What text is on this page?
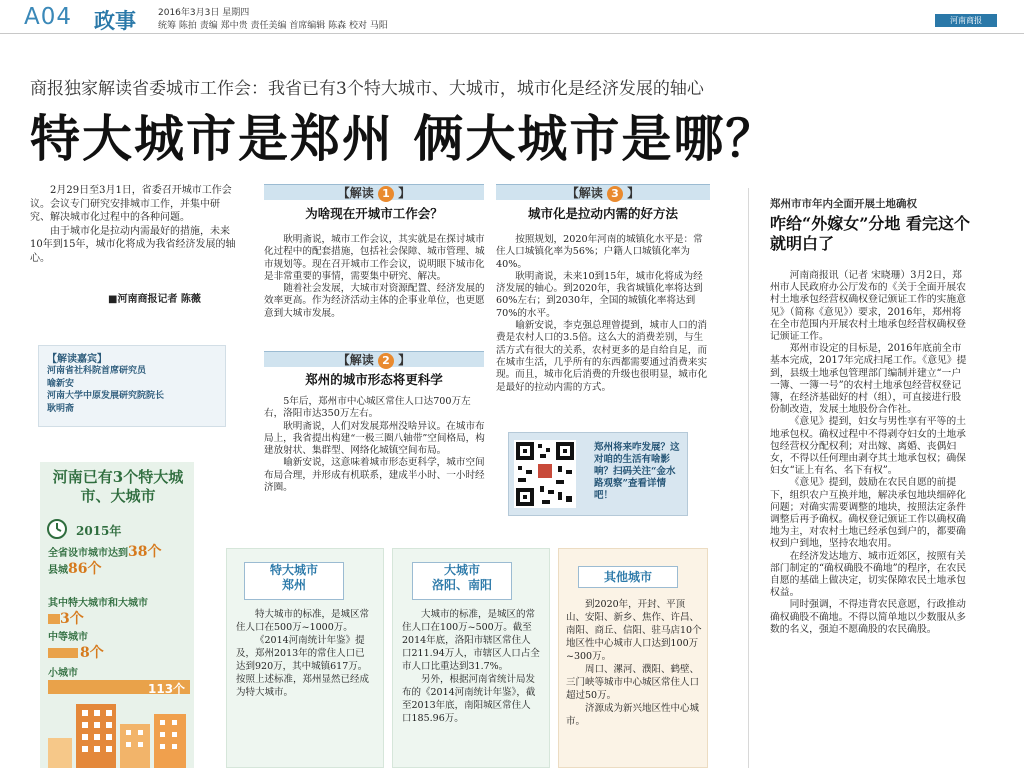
A04 政事 2016年3月3日 星期四
统筹 陈拍 责编 郑中贵 责任美编 首席编辑 陈森 校对 马阳
河南商报
商报独家解读省委城市工作会：我省已有3个特大城市、大城市，城市化是经济发展的轴心
特大城市是郑州 俩大城市是哪？

2月29日至3月1日，省委召开城市工作会议。会议专门研究安排城市工作，并集中研究、解决城市化过程中的各种问题。

由于城市化是拉动内需最好的措施，未来10年到15年，城市化将成为我省经济发展的轴心。

■河南商报记者 陈薇
【解读嘉宾】
河南省社科院首席研究员
喻新安
河南大学中原发展研究院院长
耿明斋
河南已有3个特大城市、大城市
2015年
全省设市城市达到38个
县城86个
其中特大城市和大城市
3个
中等城市
8个
小城市
113个
【解读 1 】
为啥现在开城市工作会？

耿明斋说，城市工作会议，其实就是在探讨城市化过程中的配套措施，包括社会保障、城市管理、城市规划等。现在召开城市工作会议，说明眼下城市化是非常重要的事情，需要集中研究、解决。

随着社会发展，大城市对资源配置、经济发展的效率更高。作为经济活动主体的企事业单位，也更愿意到大城市发展。

【解读 2 】
郑州的城市形态将更科学

5年后，郑州市中心城区常住人口达700万左右，洛阳市达350万左右。

耿明斋说，人们对发展郑州没啥异议。在城市布局上，我省提出构建“一极三圈八轴带”空间格局，构建放射状、集群型、网络化城镇空间布局。

喻新安说，这意味着城市形态更科学，城市空间布局合理，并形成有机联系，建成半小时、一小时经济圈。

【解读 3 】
城市化是拉动内需的好方法

按照规划，2020年河南的城镇化水平是：常住人口城镇化率为56%；户籍人口城镇化率为40%。

耿明斋说，未来10到15年，城市化将成为经济发展的轴心。到2020年，我省城镇化率将达到60%左右；到2030年，全国的城镇化率将达到70%的水平。

喻新安说，李克强总理曾提到，城市人口的消费是农村人口的3.5倍。这么大的消费差别，与生活方式有很大的关系，农村更多的是自给自足，而在城市生活，几乎所有的东西都需要通过消费来实现。而且，城市化后消费的升级也很明显，城市化是最好的拉动内需的方式。

郑州将来咋发展？这对咱的生活有啥影响？扫码关注“金水路观察”查看详情吧！
特大城市
郑州

特大城市的标准，是城区常住人口在500万~1000万。

《2014河南统计年鉴》提及，郑州2013年的常住人口已达到920万，其中城镇617万。按照上述标准，郑州显然已经成为特大城市。

大城市
洛阳、南阳

大城市的标准，是城区的常住人口在100万~500万。截至2014年底，洛阳市辖区常住人口211.94万人，市辖区人口占全市人口比重达到31.7%。

另外，根据河南省统计局发布的《2014河南统计年鉴》，截至2013年底，南阳城区常住人口185.96万。

其他城市

到2020年，开封、平顶山、安阳、新乡、焦作、许昌、南阳、商丘、信阳、驻马店10个地区性中心城市人口达到100万~300万。

周口、漯河、濮阳、鹤壁、三门峡等城市中心城区常住人口超过50万。

济源成为新兴地区性中心城市。

郑州市市年内全面开展土地确权
咋给“外嫁女”分地 看完这个就明白了

河南商报讯（记者 宋晓珊）3月2日，郑州市人民政府办公厅发布的《关于全面开展农村土地承包经营权确权登记颁证工作的实施意见》（简称《意见》）要求，2016年，郑州将在全市范围内开展农村土地承包经营权确权登记颁证工作。

郑州市设定的目标是，2016年底前全市基本完成，2017年完成扫尾工作。《意见》提到，县级土地承包管理部门编制并建立“一户一簿、一簿一号”的农村土地承包经营权登记簿，在经济基础好的村（组），可直接进行股份制改造，发展土地股份合作社。

《意见》提到，妇女与男性享有平等的土地承包权。确权过程中不得剥夺妇女的土地承包经营权分配权利；对出嫁、离婚、丧偶妇女，不得以任何理由剥夺其土地承包权；确保妇女“证上有名、名下有权”。

《意见》提到，鼓励在农民自愿的前提下，组织农户互换并地，解决承包地块细碎化问题；对确实需要调整的地块，按照法定条件调整后再予确权。确权登记颁证工作以确权确地为主，对农村土地已经承包到户的，都要确权到户到地，坚持农地农用。

在经济发达地方、城市近郊区，按照有关部门制定的“确权确股不确地”的程序，在农民自愿的基础上做决定，切实保障农民土地承包权益。

同时强调，不得违背农民意愿，行政推动确权确股不确地。不得以简单地以少数服从多数的名义，强迫不愿确股的农民确股。
